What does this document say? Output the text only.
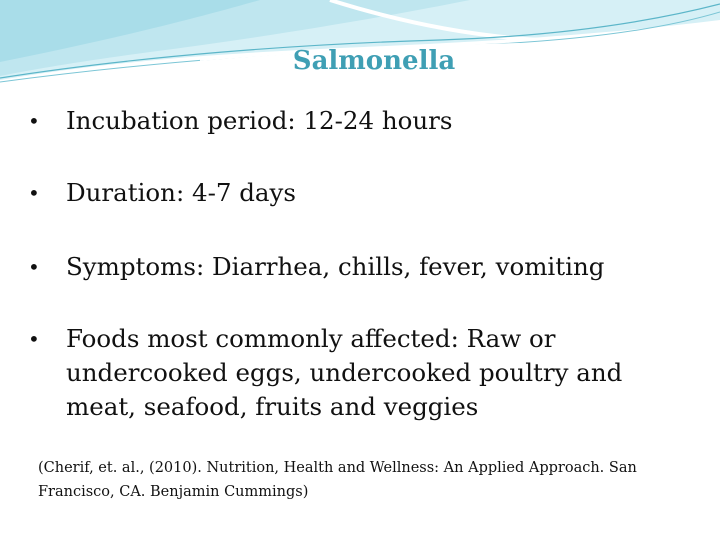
Salmonella
• Incubation period: 12-24 hours
• Duration: 4-7 days
• Symptoms: Diarrhea, chills, fever, vomiting
• Foods most commonly affected: Raw or undercooked eggs, undercooked poultry and meat, seafood, fruits and veggies
(Cherif, et. al., (2010). Nutrition, Health and Wellness: An Applied Approach. San Francisco, CA. Benjamin Cummings)
